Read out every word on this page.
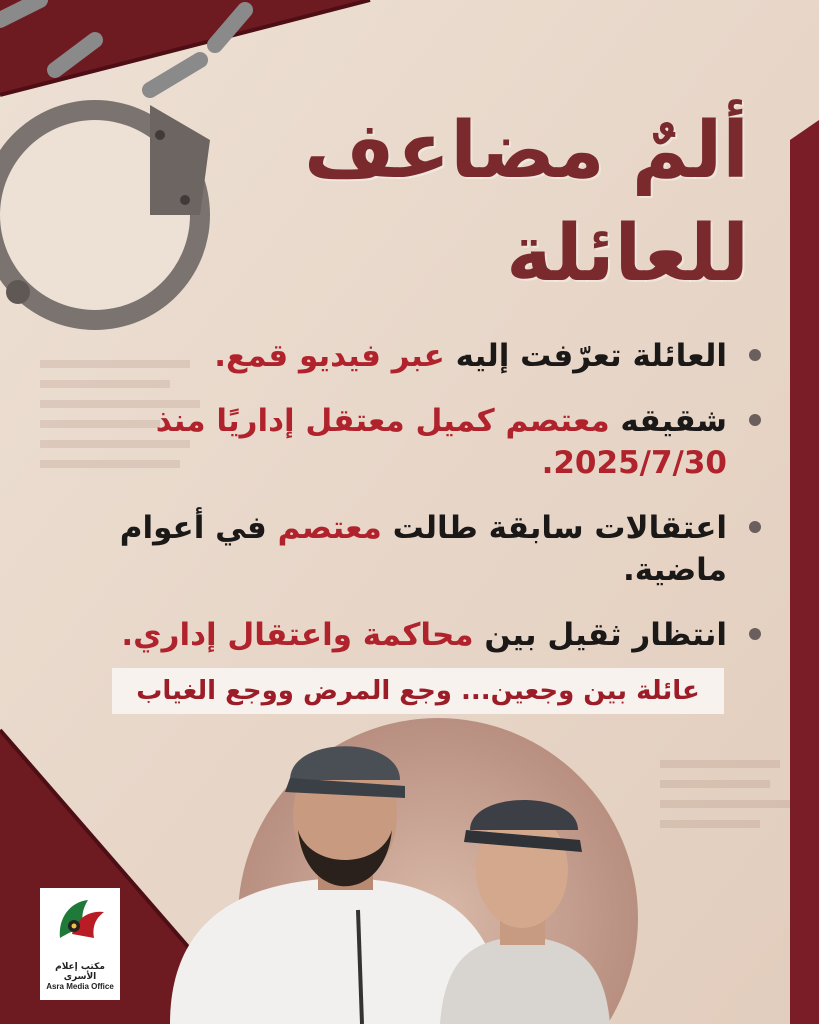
ألمٌ مضاعف
للعائلة
العائلة تعرّفت إليه عبر فيديو قمع.
شقيقه معتصم كميل معتقل إداريًا منذ 2025/7/30.
اعتقالات سابقة طالت معتصم في أعوام ماضية.
انتظار ثقيل بين محاكمة واعتقال إداري.
عائلة بين وجعين... وجع المرض ووجع الغياب
مكتب إعلام الأسرى
Asra Media Office
